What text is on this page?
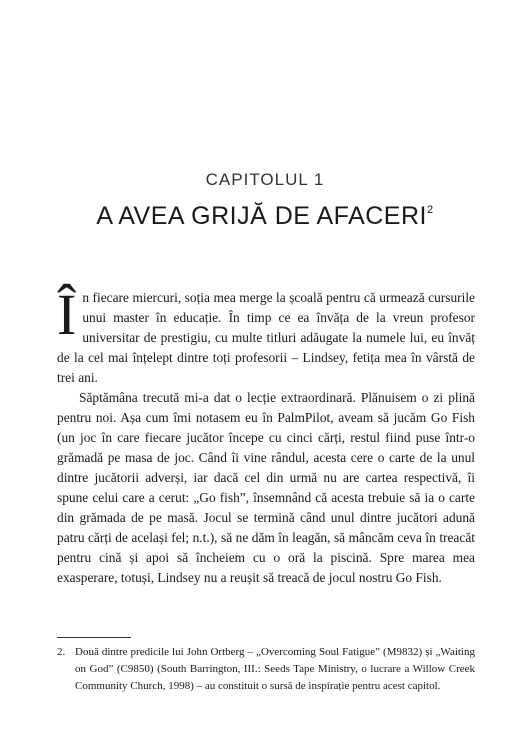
CAPITOLUL 1
A AVEA GRIJĂ DE AFACERI$^2$

În fiecare miercuri, soția mea merge la școală pentru că urmează cursurile unui master în educație. În timp ce ea învăța de la vreun profesor universitar de prestigiu, cu multe titluri adăugate la numele lui, eu învăț de la cel mai înțelept dintre toți profesorii – Lindsey, fetița mea în vârstă de trei ani.

Săptămâna trecută mi-a dat o lecție extraordinară. Plănuisem o zi plină pentru noi. Așa cum îmi notasem eu în PalmPilot, aveam să jucăm Go Fish (un joc în care fiecare jucător începe cu cinci cărți, restul fiind puse într-o grămadă pe masa de joc. Când îi vine rândul, acesta cere o carte de la unul dintre jucătorii adverși, iar dacă cel din urmă nu are cartea respectivă, îi spune celui care a cerut: „Go fish”, însemnând că acesta trebuie să ia o carte din grămada de pe masă. Jocul se termină când unul dintre jucători adună patru cărți de același fel; n.t.), să ne dăm în leagăn, să mâncăm ceva în treacăt pentru cină și apoi să încheiem cu o oră la piscină. Spre marea mea exasperare, totuși, Lindsey nu a reușit să treacă de jocul nostru Go Fish.

2. Două dintre predicile lui John Ortberg – „Overcoming Soul Fatigue” (M9832) și „Waiting on God” (C9850) (South Barrington, III.: Seeds Tape Ministry, o lucrare a Willow Creek Community Church, 1998) – au constituit o sursă de inspirație pentru acest capitol.
